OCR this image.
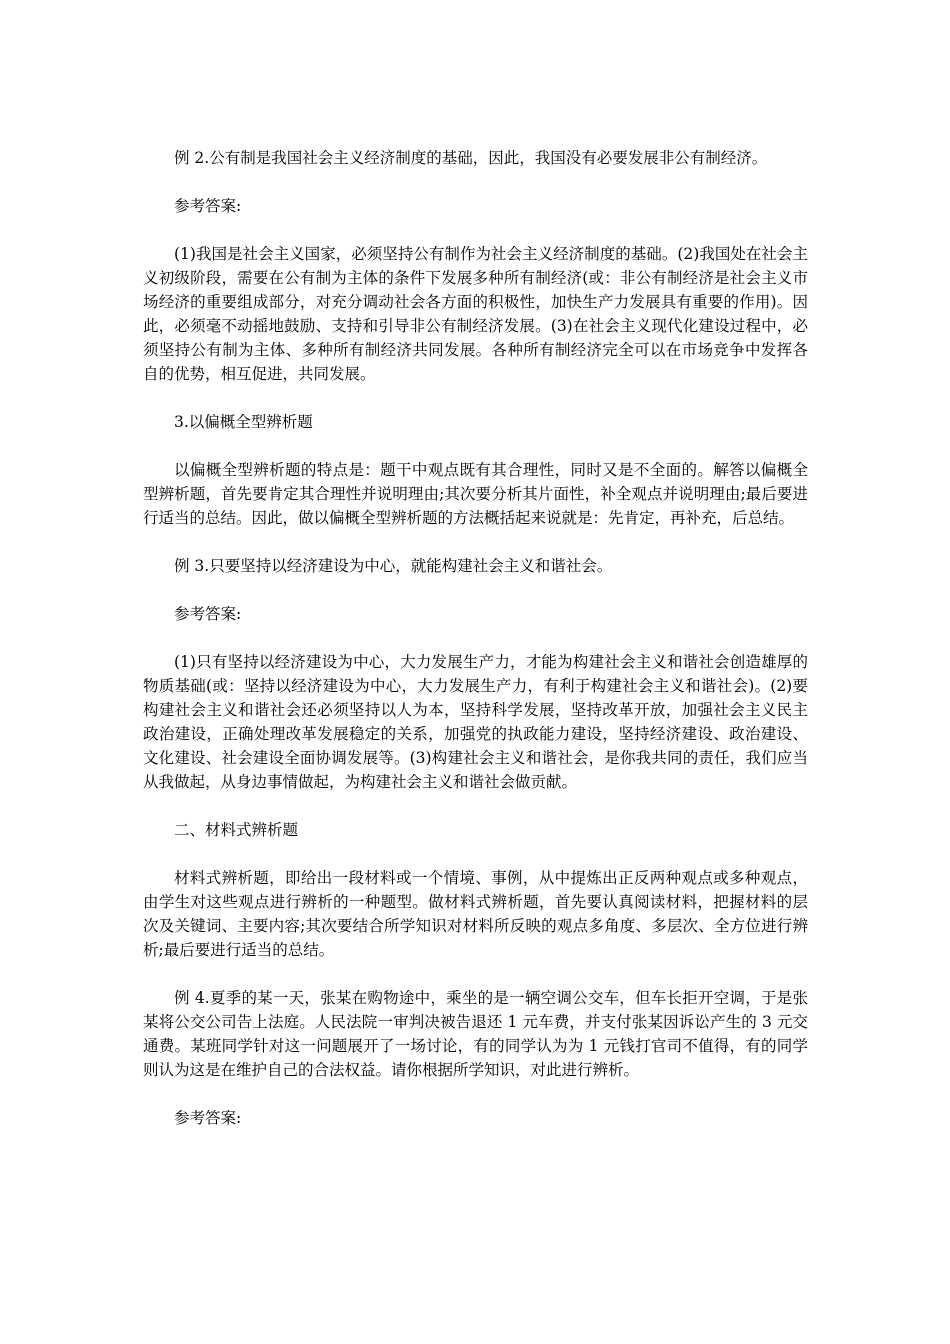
例 2.公有制是我国社会主义经济制度的基础，因此，我国没有必要发展非公有制经济。

参考答案:

(1)我国是社会主义国家，必须坚持公有制作为社会主义经济制度的基础。(2)我国处在社会主义初级阶段，需要在公有制为主体的条件下发展多种所有制经济(或：非公有制经济是社会主义市场经济的重要组成部分，对充分调动社会各方面的积极性，加快生产力发展具有重要的作用)。因此，必须毫不动摇地鼓励、支持和引导非公有制经济发展。(3)在社会主义现代化建设过程中，必须坚持公有制为主体、多种所有制经济共同发展。各种所有制经济完全可以在市场竞争中发挥各自的优势，相互促进，共同发展。

3.以偏概全型辨析题

以偏概全型辨析题的特点是：题干中观点既有其合理性，同时又是不全面的。解答以偏概全型辨析题，首先要肯定其合理性并说明理由;其次要分析其片面性，补全观点并说明理由;最后要进行适当的总结。因此，做以偏概全型辨析题的方法概括起来说就是：先肯定，再补充，后总结。

例 3.只要坚持以经济建设为中心，就能构建社会主义和谐社会。

参考答案:

(1)只有坚持以经济建设为中心，大力发展生产力，才能为构建社会主义和谐社会创造雄厚的物质基础(或：坚持以经济建设为中心，大力发展生产力，有利于构建社会主义和谐社会)。(2)要构建社会主义和谐社会还必须坚持以人为本，坚持科学发展，坚持改革开放，加强社会主义民主政治建设，正确处理改革发展稳定的关系，加强党的执政能力建设，坚持经济建设、政治建设、文化建设、社会建设全面协调发展等。(3)构建社会主义和谐社会，是你我共同的责任，我们应当从我做起，从身边事情做起，为构建社会主义和谐社会做贡献。

二、材料式辨析题

材料式辨析题，即给出一段材料或一个情境、事例，从中提炼出正反两种观点或多种观点，由学生对这些观点进行辨析的一种题型。做材料式辨析题，首先要认真阅读材料，把握材料的层次及关键词、主要内容;其次要结合所学知识对材料所反映的观点多角度、多层次、全方位进行辨析;最后要进行适当的总结。

例 4.夏季的某一天，张某在购物途中，乘坐的是一辆空调公交车，但车长拒开空调，于是张某将公交公司告上法庭。人民法院一审判决被告退还 1 元车费，并支付张某因诉讼产生的 3 元交通费。某班同学针对这一问题展开了一场讨论，有的同学认为为 1 元钱打官司不值得，有的同学则认为这是在维护自己的合法权益。请你根据所学知识，对此进行辨析。

参考答案:
